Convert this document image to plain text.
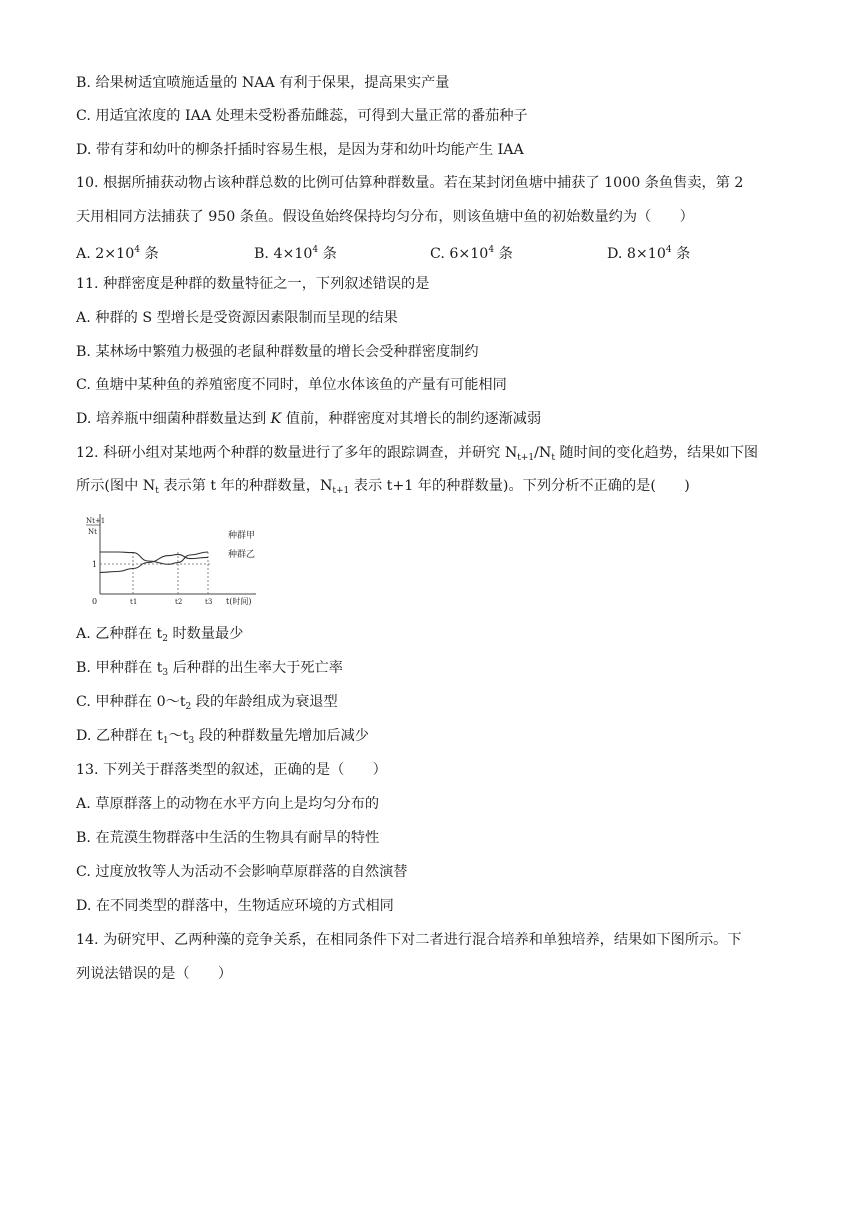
B. 给果树适宜喷施适量的 NAA 有利于保果，提高果实产量
C. 用适宜浓度的 IAA 处理未受粉番茄雌蕊，可得到大量正常的番茄种子
D. 带有芽和幼叶的柳条扦插时容易生根，是因为芽和幼叶均能产生 IAA
10. 根据所捕获动物占该种群总数的比例可估算种群数量。若在某封闭鱼塘中捕获了 1000 条鱼售卖，第 2
天用相同方法捕获了 950 条鱼。假设鱼始终保持均匀分布，则该鱼塘中鱼的初始数量约为（　　）
A. $2\times 10^4$ 条	B. $4\times 10^4$ 条	C. $6\times 10^4$ 条	D. $8\times 10^4$ 条
11. 种群密度是种群的数量特征之一，下列叙述错误的是
A. 种群的 S 型增长是受资源因素限制而呈现的结果
B. 某林场中繁殖力极强的老鼠种群数量的增长会受种群密度制约
C. 鱼塘中某种鱼的养殖密度不同时，单位水体该鱼的产量有可能相同
D. 培养瓶中细菌种群数量达到 K 值前，种群密度对其增长的制约逐渐减弱
12. 科研小组对某地两个种群的数量进行了多年的跟踪调查，并研究 $N_{t+1}/N_t$ 随时间的变化趋势，结果如下图
所示(图中 $N_t$ 表示第 t 年的种群数量，$N_{t+1}$ 表示 t+1 年的种群数量)。下列分析不正确的是(　　)
种群甲
种群乙
Nt+1
Nt
1
0	t1	t2	t3 t(时间)
A. 乙种群在 $t_2$ 时数量最少
B. 甲种群在 $t_3$ 后种群的出生率大于死亡率
C. 甲种群在 $0\sim t_2$ 段的年龄组成为衰退型
D. 乙种群在 $t_1\sim t_3$ 段的种群数量先增加后减少
13. 下列关于群落类型的叙述，正确的是（　　）
A. 草原群落上的动物在水平方向上是均匀分布的
B. 在荒漠生物群落中生活的生物具有耐旱的特性
C. 过度放牧等人为活动不会影响草原群落的自然演替
D. 在不同类型的群落中，生物适应环境的方式相同
14. 为研究甲、乙两种藻的竞争关系，在相同条件下对二者进行混合培养和单独培养，结果如下图所示。下
列说法错误的是（　　）
